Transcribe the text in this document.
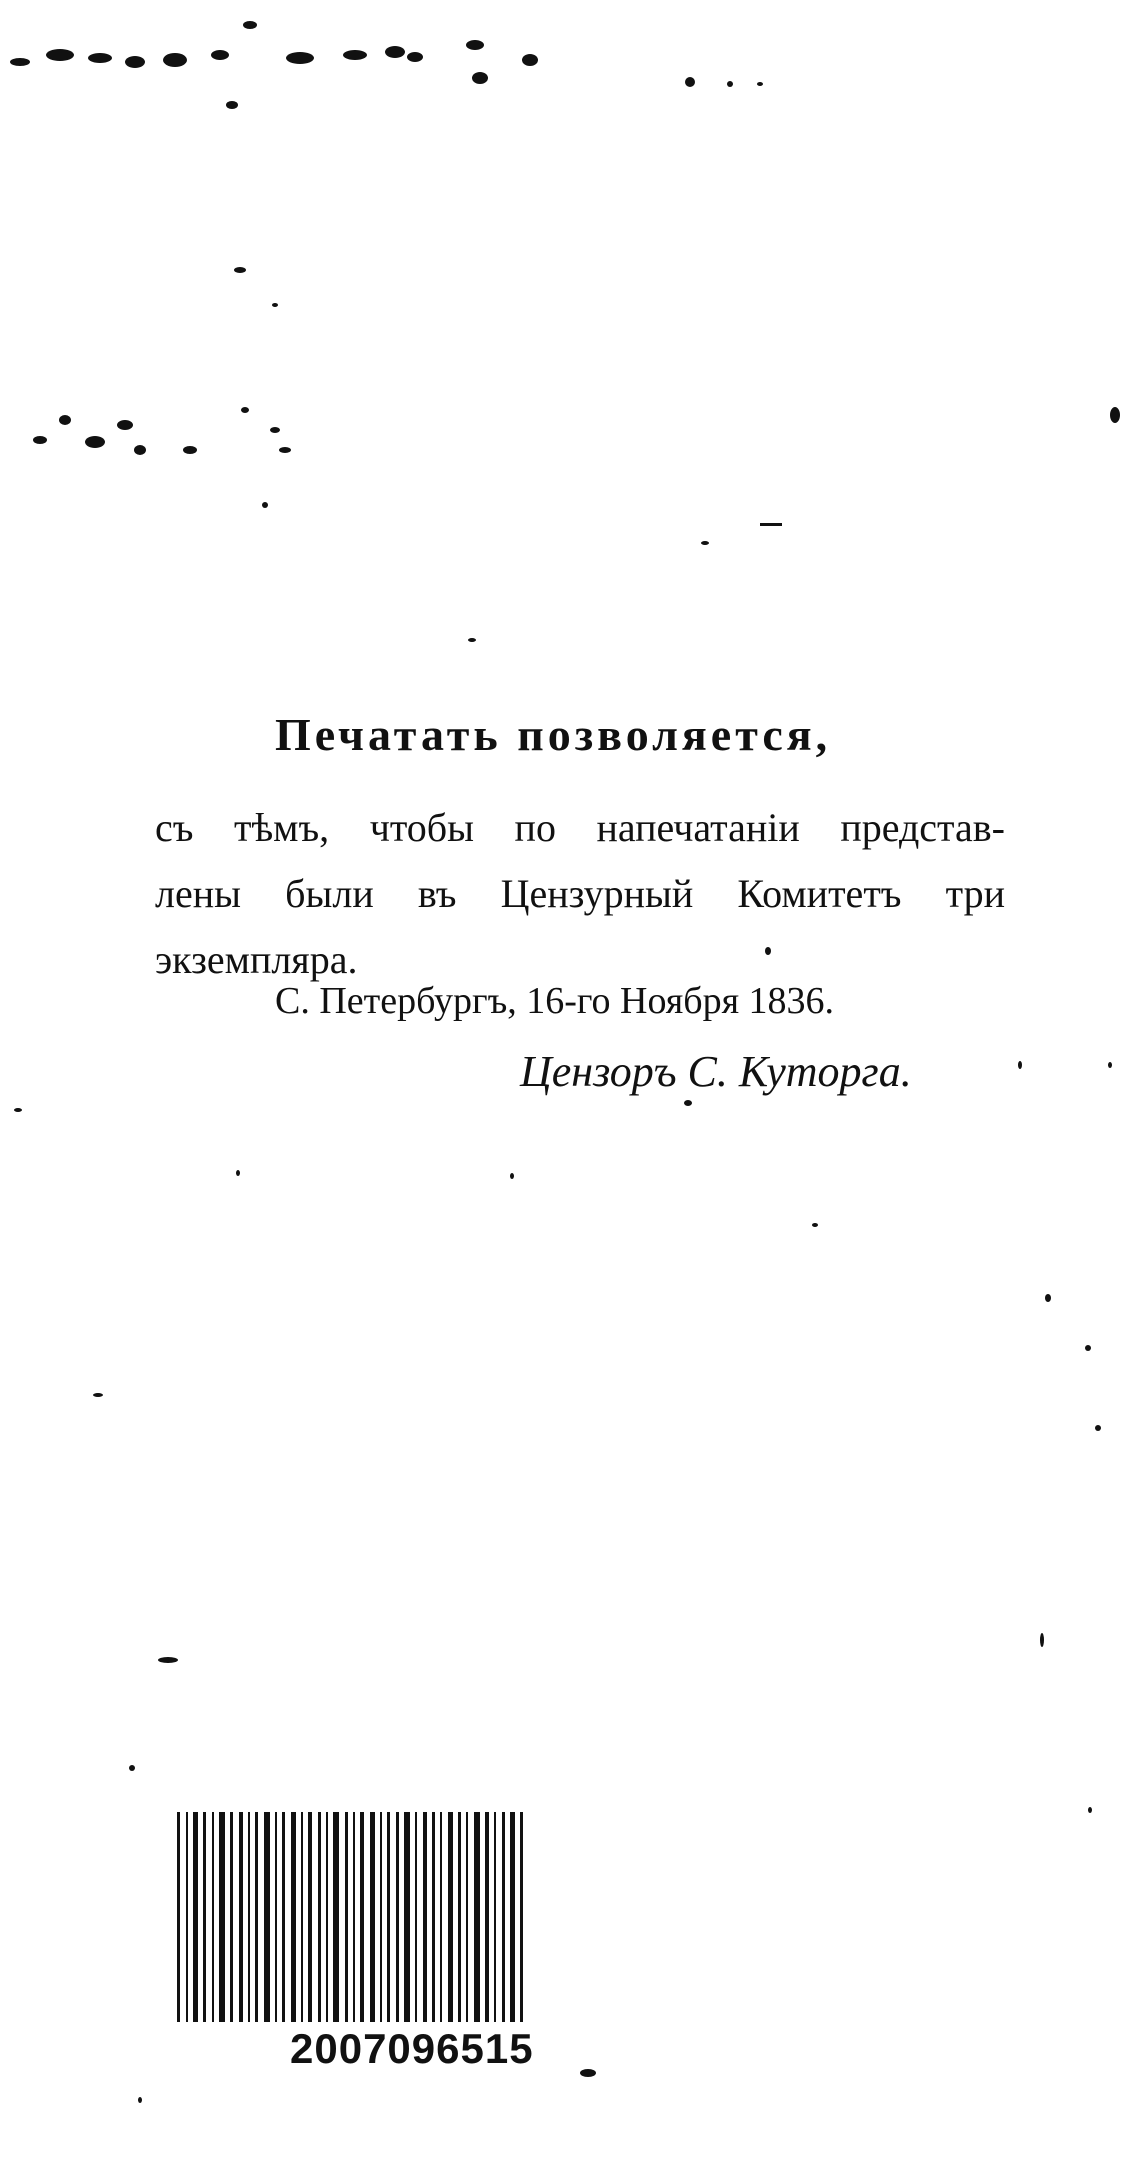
Печатать позволяется,
съ тѣмъ, чтобы по напечатаніи представ-
лены были въ Цензурный Комитетъ три
экземпляра.
С. Петербургъ, 16-го Ноября 1836.
Цензоръ С. Куторга.
2007096515
